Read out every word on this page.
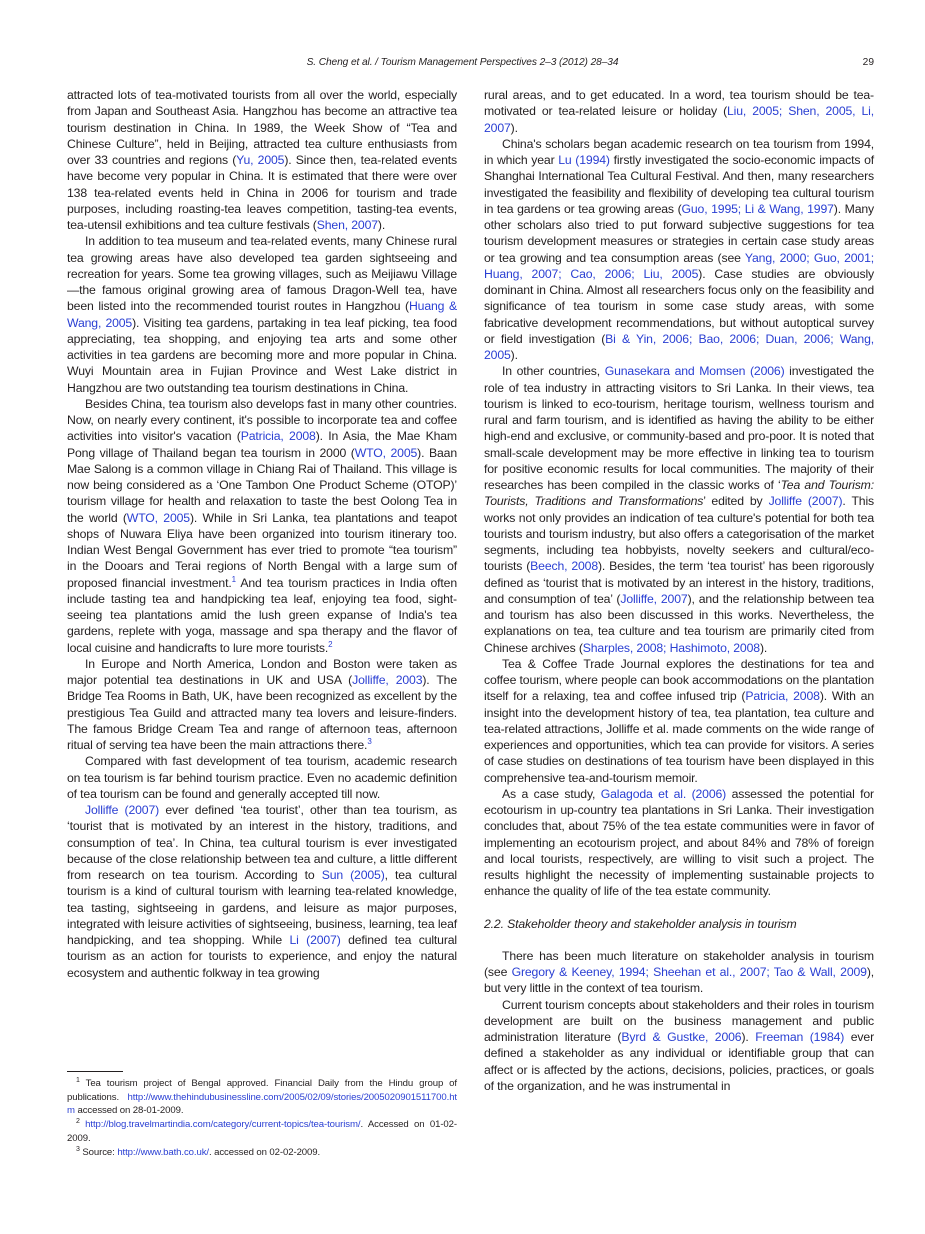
S. Cheng et al. / Tourism Management Perspectives 2–3 (2012) 28–34	29

attracted lots of tea-motivated tourists from all over the world, especially from Japan and Southeast Asia. Hangzhou has become an attractive tea tourism destination in China. In 1989, the Week Show of “Tea and Chinese Culture”, held in Beijing, attracted tea culture enthusiasts from over 33 countries and regions (Yu, 2005). Since then, tea-related events have become very popular in China. It is estimated that there were over 138 tea-related events held in China in 2006 for tourism and trade purposes, including roasting-tea leaves competition, tasting-tea events, tea-utensil exhibitions and tea culture festivals (Shen, 2007).

In addition to tea museum and tea-related events, many Chinese rural tea growing areas have also developed tea garden sightseeing and recreation for years. Some tea growing villages, such as Meijiawu Village—the famous original growing area of famous Dragon-Well tea, have been listed into the recommended tourist routes in Hangzhou (Huang & Wang, 2005). Visiting tea gardens, partaking in tea leaf picking, tea food appreciating, tea shopping, and enjoying tea arts and some other activities in tea gardens are becoming more and more popular in China. Wuyi Mountain area in Fujian Province and West Lake district in Hangzhou are two outstanding tea tourism destinations in China.

Besides China, tea tourism also develops fast in many other countries. Now, on nearly every continent, it's possible to incorporate tea and coffee activities into visitor's vacation (Patricia, 2008). In Asia, the Mae Kham Pong village of Thailand began tea tourism in 2000 (WTO, 2005). Baan Mae Salong is a common village in Chiang Rai of Thailand. This village is now being considered as a ‘One Tambon One Product Scheme (OTOP)’ tourism village for health and relaxation to taste the best Oolong Tea in the world (WTO, 2005). While in Sri Lanka, tea plantations and teapot shops of Nuwara Eliya have been organized into tourism itinerary too. Indian West Bengal Government has ever tried to promote “tea tourism” in the Dooars and Terai regions of North Bengal with a large sum of proposed financial investment.$^1$ And tea tourism practices in India often include tasting tea and handpicking tea leaf, enjoying tea food, sight-seeing tea plantations amid the lush green expanse of India's tea gardens, replete with yoga, massage and spa therapy and the flavor of local cuisine and handicrafts to lure more tourists.$^2$

In Europe and North America, London and Boston were taken as major potential tea destinations in UK and USA (Jolliffe, 2003). The Bridge Tea Rooms in Bath, UK, have been recognized as excellent by the prestigious Tea Guild and attracted many tea lovers and leisure-finders. The famous Bridge Cream Tea and range of afternoon teas, afternoon ritual of serving tea have been the main attractions there.$^3$

Compared with fast development of tea tourism, academic research on tea tourism is far behind tourism practice. Even no academic definition of tea tourism can be found and generally accepted till now.

Jolliffe (2007) ever defined ‘tea tourist’, other than tea tourism, as ‘tourist that is motivated by an interest in the history, traditions, and consumption of tea’. In China, tea cultural tourism is ever investigated because of the close relationship between tea and culture, a little different from research on tea tourism. According to Sun (2005), tea cultural tourism is a kind of cultural tourism with learning tea-related knowledge, tea tasting, sightseeing in gardens, and leisure as major purposes, integrated with leisure activities of sightseeing, business, learning, tea leaf handpicking, and tea shopping. While Li (2007) defined tea cultural tourism as an action for tourists to experience, and enjoy the natural ecosystem and authentic folkway in tea growing

$^1$ Tea tourism project of Bengal approved. Financial Daily from the Hindu group of publications. http://www.thehindubusinessline.com/2005/02/09/stories/2005020901511700.htm accessed on 28-01-2009.

$^2$ http://blog.travelmartindia.com/category/current-topics/tea-tourism/. Accessed on 01-02-2009.

$^3$ Source: http://www.bath.co.uk/. accessed on 02-02-2009.

rural areas, and to get educated. In a word, tea tourism should be tea-motivated or tea-related leisure or holiday (Liu, 2005; Shen, 2005, Li, 2007).

China's scholars began academic research on tea tourism from 1994, in which year Lu (1994) firstly investigated the socio-economic impacts of Shanghai International Tea Cultural Festival. And then, many researchers investigated the feasibility and flexibility of developing tea cultural tourism in tea gardens or tea growing areas (Guo, 1995; Li & Wang, 1997). Many other scholars also tried to put forward subjective suggestions for tea tourism development measures or strategies in certain case study areas or tea growing and tea consumption areas (see Yang, 2000; Guo, 2001; Huang, 2007; Cao, 2006; Liu, 2005). Case studies are obviously dominant in China. Almost all researchers focus only on the feasibility and significance of tea tourism in some case study areas, with some fabricative development recommendations, but without autoptical survey or field investigation (Bi & Yin, 2006; Bao, 2006; Duan, 2006; Wang, 2005).

In other countries, Gunasekara and Momsen (2006) investigated the role of tea industry in attracting visitors to Sri Lanka. In their views, tea tourism is linked to eco-tourism, heritage tourism, wellness tourism and rural and farm tourism, and is identified as having the ability to be either high-end and exclusive, or community-based and pro-poor. It is noted that small-scale development may be more effective in linking tea to tourism for positive economic results for local communities. The majority of their researches has been compiled in the classic works of ‘Tea and Tourism: Tourists, Traditions and Transformations’ edited by Jolliffe (2007). This works not only provides an indication of tea culture's potential for both tea tourists and tourism industry, but also offers a categorisation of the market segments, including tea hobbyists, novelty seekers and cultural/eco-tourists (Beech, 2008). Besides, the term ‘tea tourist’ has been rigorously defined as ‘tourist that is motivated by an interest in the history, traditions, and consumption of tea’ (Jolliffe, 2007), and the relationship between tea and tourism has also been discussed in this works. Nevertheless, the explanations on tea, tea culture and tea tourism are primarily cited from Chinese archives (Sharples, 2008; Hashimoto, 2008).

Tea & Coffee Trade Journal explores the destinations for tea and coffee tourism, where people can book accommodations on the plantation itself for a relaxing, tea and coffee infused trip (Patricia, 2008). With an insight into the development history of tea, tea plantation, tea culture and tea-related attractions, Jolliffe et al. made comments on the wide range of experiences and opportunities, which tea can provide for visitors. A series of case studies on destinations of tea tourism have been displayed in this comprehensive tea-and-tourism memoir.

As a case study, Galagoda et al. (2006) assessed the potential for ecotourism in up-country tea plantations in Sri Lanka. Their investigation concludes that, about 75% of the tea estate communities were in favor of implementing an ecotourism project, and about 84% and 78% of foreign and local tourists, respectively, are willing to visit such a project. The results highlight the necessity of implementing sustainable projects to enhance the quality of life of the tea estate community.

2.2. Stakeholder theory and stakeholder analysis in tourism

There has been much literature on stakeholder analysis in tourism (see Gregory & Keeney, 1994; Sheehan et al., 2007; Tao & Wall, 2009), but very little in the context of tea tourism.

Current tourism concepts about stakeholders and their roles in tourism development are built on the business management and public administration literature (Byrd & Gustke, 2006). Freeman (1984) ever defined a stakeholder as any individual or identifiable group that can affect or is affected by the actions, decisions, policies, practices, or goals of the organization, and he was instrumental in
